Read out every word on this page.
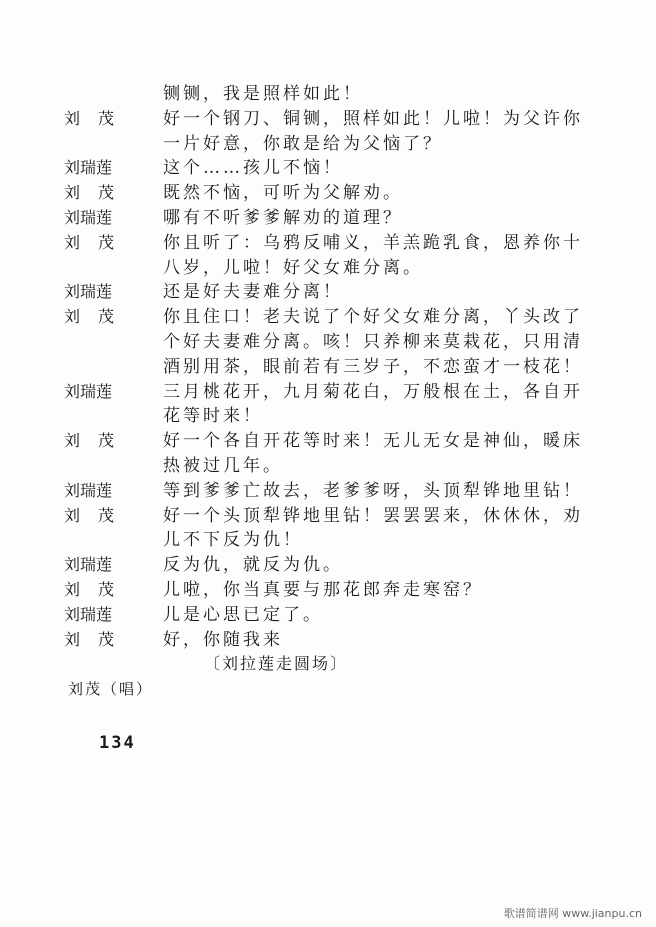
铡铡，我是照样如此！
刘　茂	好一个钢刀、铜铡，照样如此！儿啦！为父许你
一片好意，你敢是给为父恼了？
刘瑞莲	这个……孩儿不恼！
刘　茂	既然不恼，可听为父解劝。
刘瑞莲	哪有不听爹爹解劝的道理？
刘　茂	你且听了：乌鸦反哺义，羊羔跪乳食，恩养你十
八岁，儿啦！好父女难分离。
刘瑞莲	还是好夫妻难分离！
刘　茂	你且住口！老夫说了个好父女难分离，丫头改了
个好夫妻难分离。咳！只养柳来莫栽花，只用清
酒别用茶，眼前若有三岁子，不恋蛮才一枝花！
刘瑞莲	三月桃花开，九月菊花白，万般根在土，各自开
花等时来！
刘　茂	好一个各自开花等时来！无儿无女是神仙，暖床
热被过几年。
刘瑞莲	等到爹爹亡故去，老爹爹呀，头顶犁铧地里钻！
刘　茂	好一个头顶犁铧地里钻！罢罢罢来，休休休，劝
儿不下反为仇！
刘瑞莲	反为仇，就反为仇。
刘　茂	儿啦，你当真要与那花郎奔走寒窑？
刘瑞莲	儿是心思已定了。
刘　茂	好，你随我来
〔刘拉莲走圆场〕
刘茂（唱）
134
歌谱简谱网 www.jianpu.cn
